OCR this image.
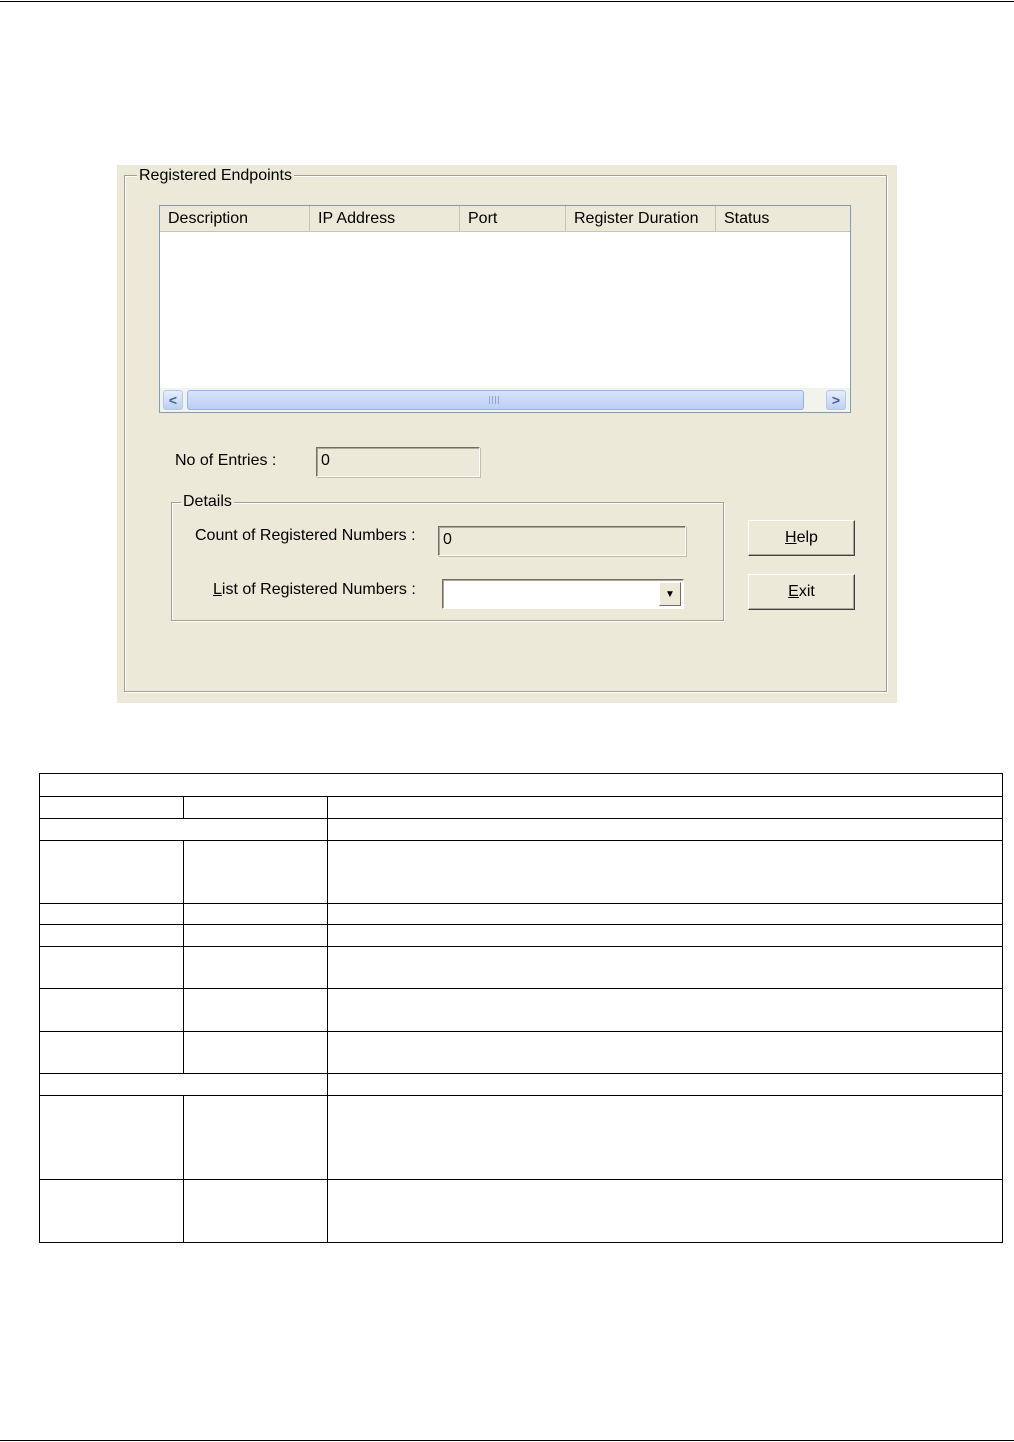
Registered Endpoints
Description	IP Address	Port	Register Duration	Status
<	>
No of Entries :	0
Details
Count of Registered Numbers :	0
List of Registered Numbers :	▼
Help
Exit
